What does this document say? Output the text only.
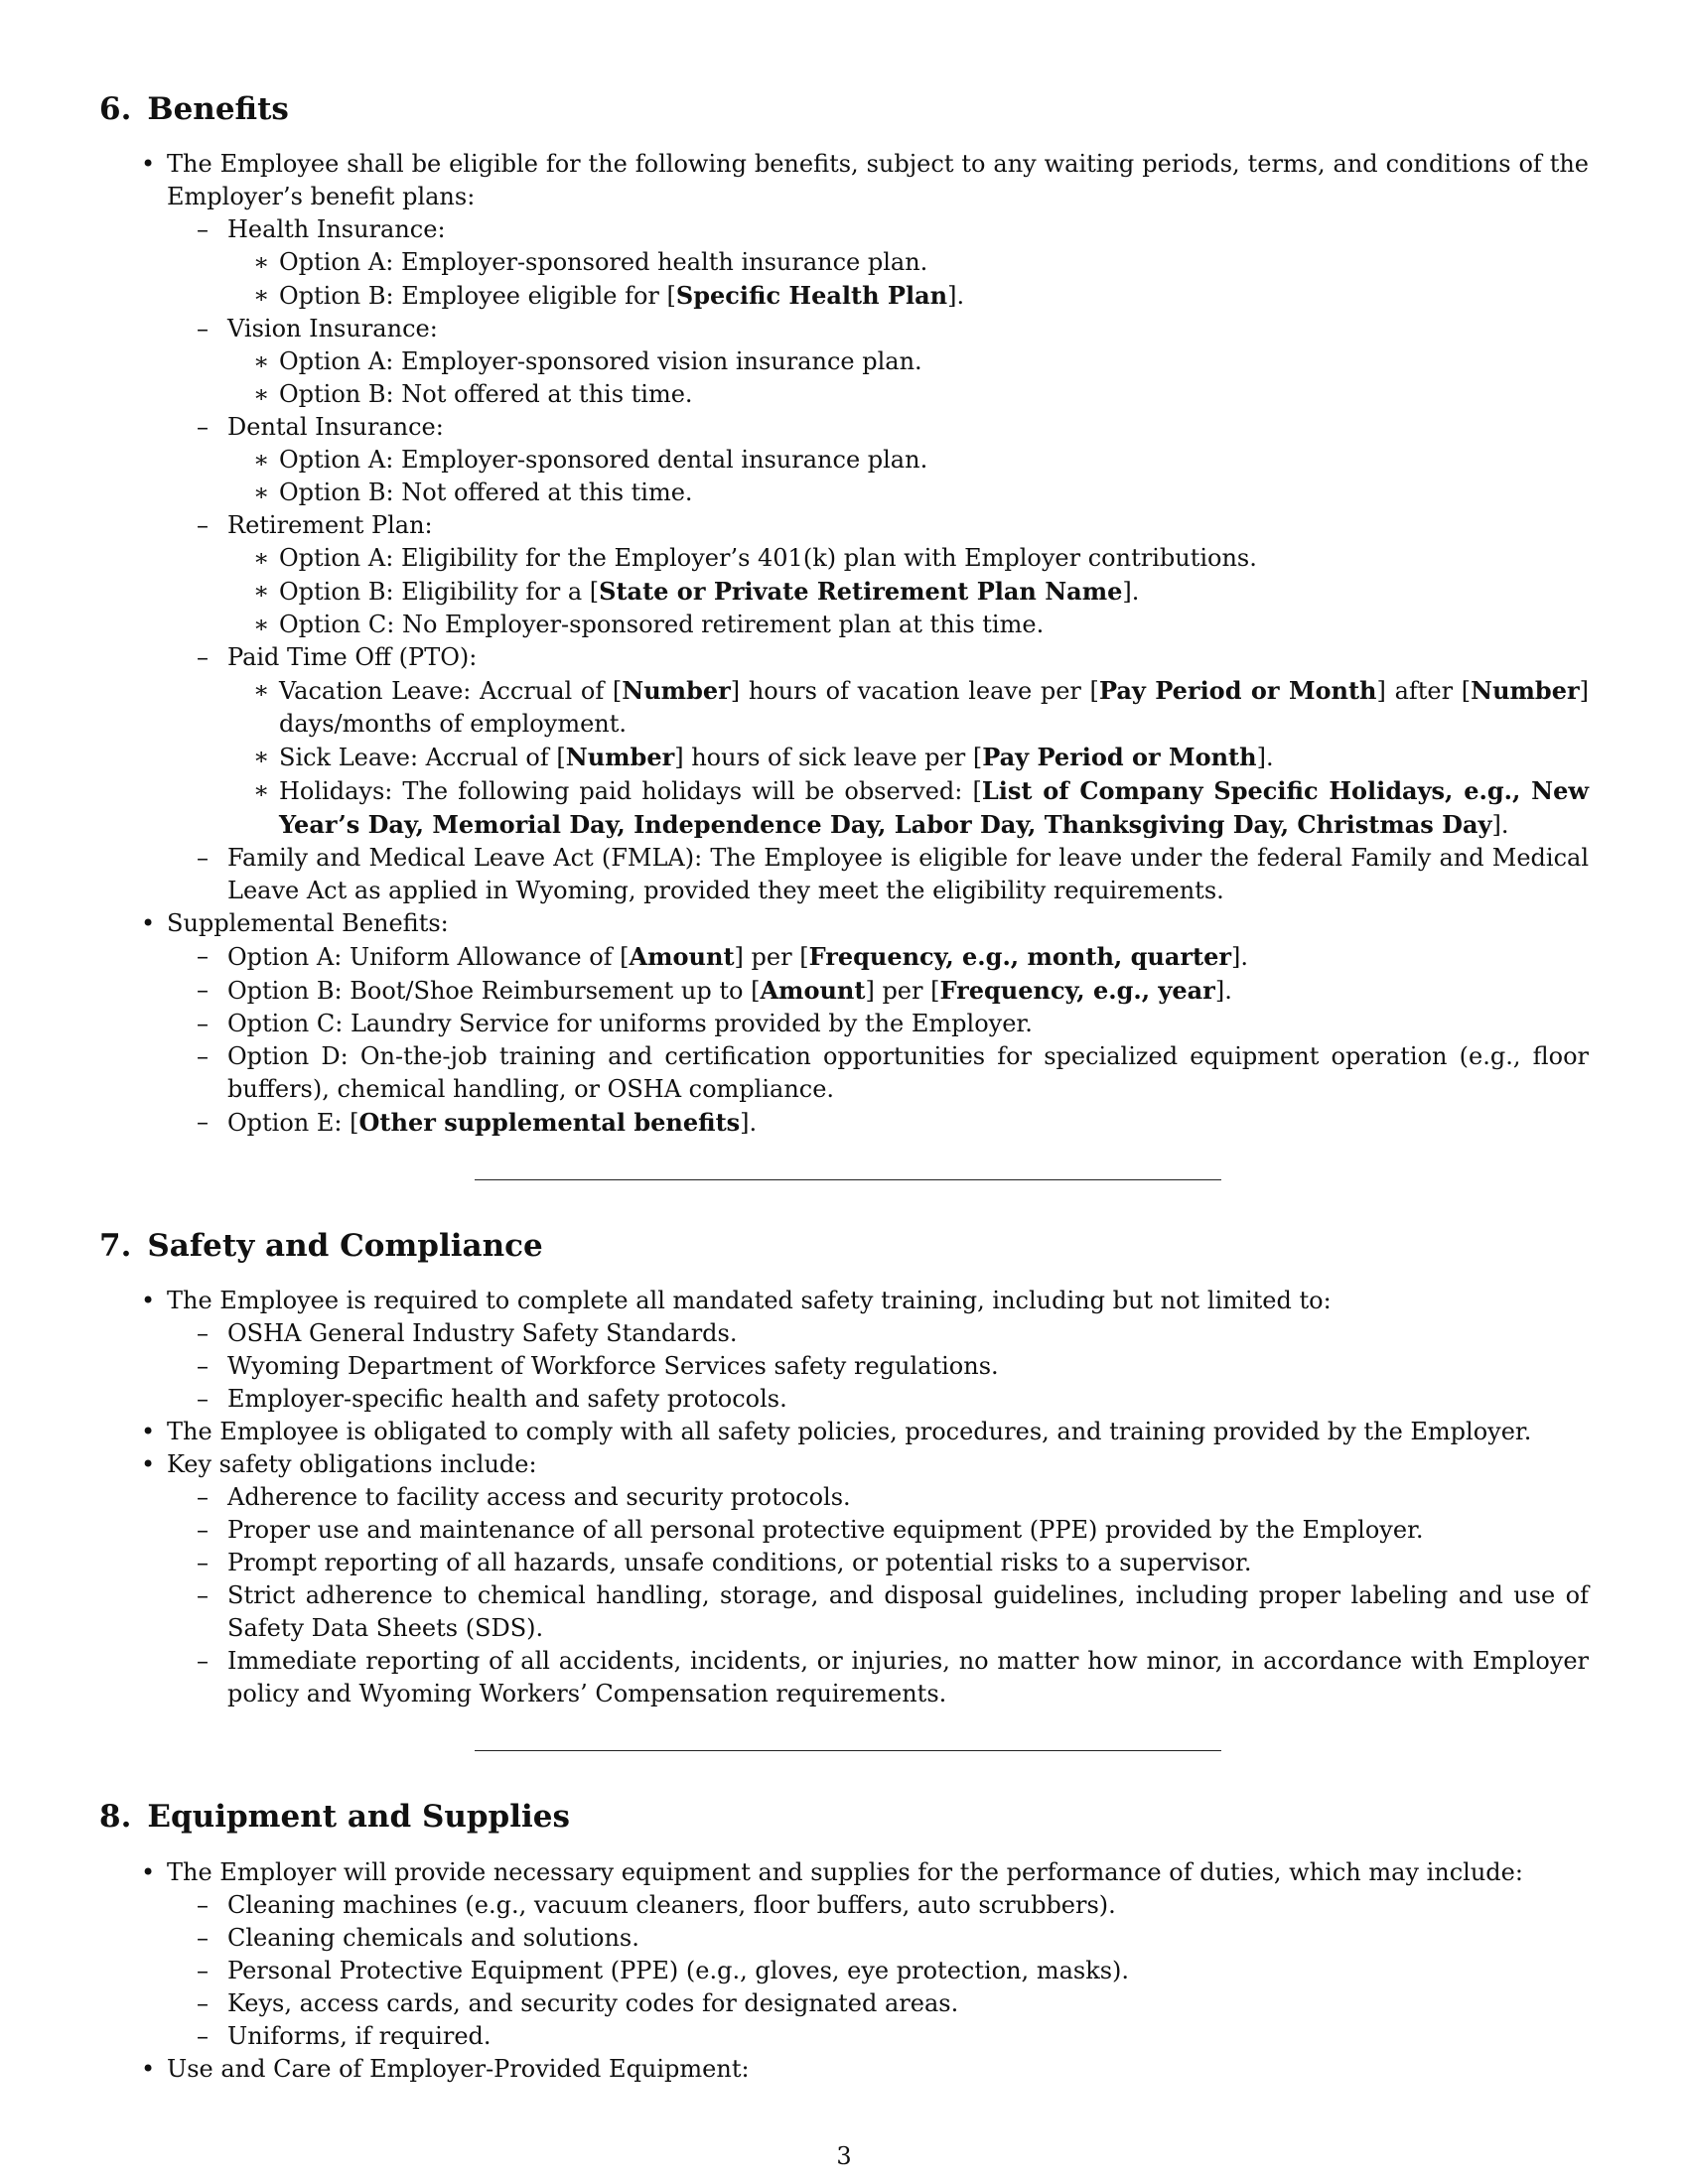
6. Benefits
• The Employee shall be eligible for the following benefits, subject to any waiting periods, terms, and conditions of the Employer’s benefit plans:
– Health Insurance:
∗ Option A: Employer-sponsored health insurance plan.
∗ Option B: Employee eligible for [Specific Health Plan].
– Vision Insurance:
∗ Option A: Employer-sponsored vision insurance plan.
∗ Option B: Not offered at this time.
– Dental Insurance:
∗ Option A: Employer-sponsored dental insurance plan.
∗ Option B: Not offered at this time.
– Retirement Plan:
∗ Option A: Eligibility for the Employer’s 401(k) plan with Employer contributions.
∗ Option B: Eligibility for a [State or Private Retirement Plan Name].
∗ Option C: No Employer-sponsored retirement plan at this time.
– Paid Time Off (PTO):
∗ Vacation Leave: Accrual of [Number] hours of vacation leave per [Pay Period or Month] after [Number] days/months of employment.
∗ Sick Leave: Accrual of [Number] hours of sick leave per [Pay Period or Month].
∗ Holidays: The following paid holidays will be observed: [List of Company Specific Holidays, e.g., New Year’s Day, Memorial Day, Independence Day, Labor Day, Thanksgiving Day, Christmas Day].
– Family and Medical Leave Act (FMLA): The Employee is eligible for leave under the federal Family and Medical Leave Act as applied in Wyoming, provided they meet the eligibility requirements.
• Supplemental Benefits:
– Option A: Uniform Allowance of [Amount] per [Frequency, e.g., month, quarter].
– Option B: Boot/Shoe Reimbursement up to [Amount] per [Frequency, e.g., year].
– Option C: Laundry Service for uniforms provided by the Employer.
– Option D: On-the-job training and certification opportunities for specialized equipment operation (e.g., floor buffers), chemical handling, or OSHA compliance.
– Option E: [Other supplemental benefits].
7. Safety and Compliance
• The Employee is required to complete all mandated safety training, including but not limited to:
– OSHA General Industry Safety Standards.
– Wyoming Department of Workforce Services safety regulations.
– Employer-specific health and safety protocols.
• The Employee is obligated to comply with all safety policies, procedures, and training provided by the Employer.
• Key safety obligations include:
– Adherence to facility access and security protocols.
– Proper use and maintenance of all personal protective equipment (PPE) provided by the Employer.
– Prompt reporting of all hazards, unsafe conditions, or potential risks to a supervisor.
– Strict adherence to chemical handling, storage, and disposal guidelines, including proper labeling and use of Safety Data Sheets (SDS).
– Immediate reporting of all accidents, incidents, or injuries, no matter how minor, in accordance with Employer policy and Wyoming Workers’ Compensation requirements.
8. Equipment and Supplies
• The Employer will provide necessary equipment and supplies for the performance of duties, which may include:
– Cleaning machines (e.g., vacuum cleaners, floor buffers, auto scrubbers).
– Cleaning chemicals and solutions.
– Personal Protective Equipment (PPE) (e.g., gloves, eye protection, masks).
– Keys, access cards, and security codes for designated areas.
– Uniforms, if required.
• Use and Care of Employer-Provided Equipment:
3
